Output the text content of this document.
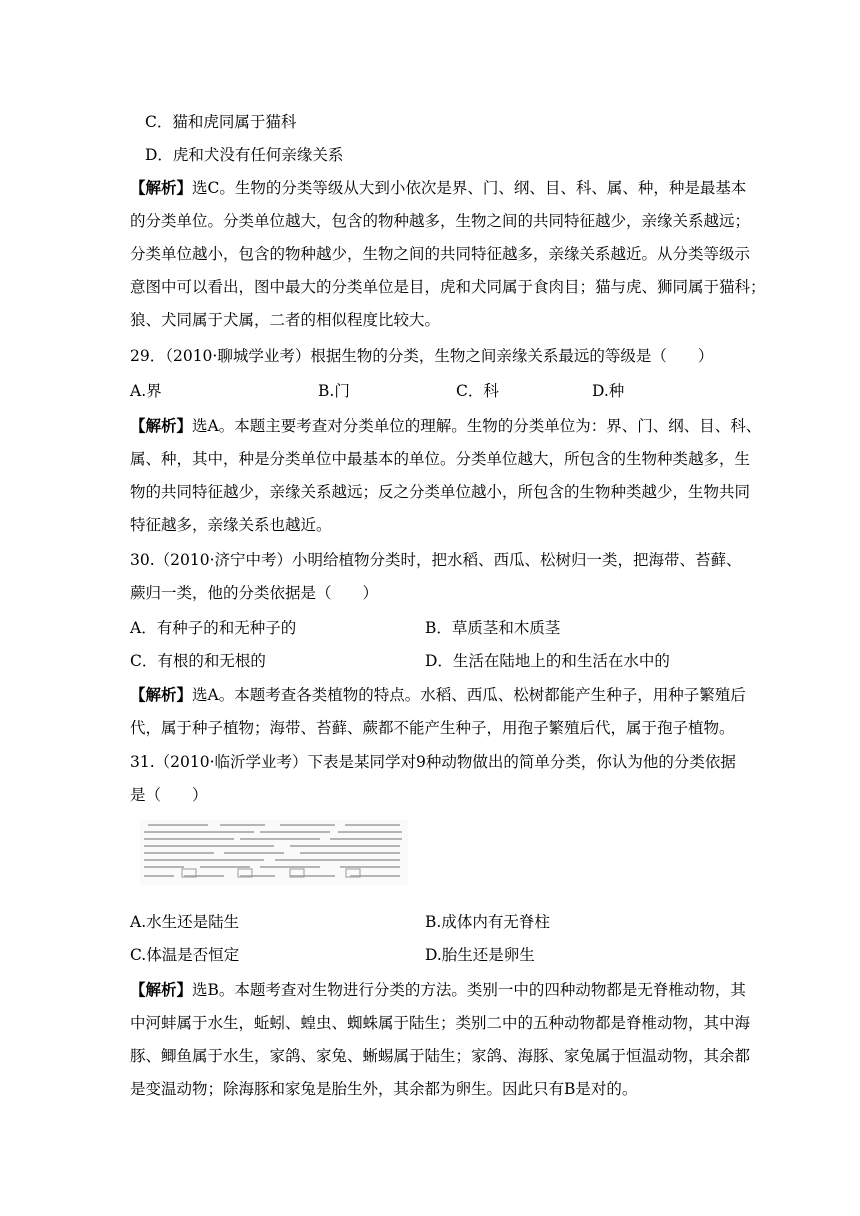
C．猫和虎同属于猫科
D．虎和犬没有任何亲缘关系
【解析】选C。生物的分类等级从大到小依次是界、门、纲、目、科、属、种，种是最基本
的分类单位。分类单位越大，包含的物种越多，生物之间的共同特征越少，亲缘关系越远；
分类单位越小，包含的物种越少，生物之间的共同特征越多，亲缘关系越近。从分类等级示
意图中可以看出，图中最大的分类单位是目，虎和犬同属于食肉目；猫与虎、狮同属于猫科；
狼、犬同属于犬属，二者的相似程度比较大。
29．（2010·聊城学业考）根据生物的分类，生物之间亲缘关系最远的等级是（　　）
A.界	B.门	C．科	D.种
【解析】选A。本题主要考查对分类单位的理解。生物的分类单位为：界、门、纲、目、科、
属、种，其中，种是分类单位中最基本的单位。分类单位越大，所包含的生物种类越多，生
物的共同特征越少，亲缘关系越远；反之分类单位越小，所包含的生物种类越少，生物共同
特征越多，亲缘关系也越近。
30.（2010·济宁中考）小明给植物分类时，把水稻、西瓜、松树归一类，把海带、苔藓、
蕨归一类，他的分类依据是（　　）
A．有种子的和无种子的	B．草质茎和木质茎
C．有根的和无根的	D．生活在陆地上的和生活在水中的
【解析】选A。本题考查各类植物的特点。水稻、西瓜、松树都能产生种子，用种子繁殖后
代，属于种子植物；海带、苔藓、蕨都不能产生种子，用孢子繁殖后代，属于孢子植物。
31.（2010·临沂学业考）下表是某同学对9种动物做出的简单分类，你认为他的分类依据
是（　　）
A.水生还是陆生	B.成体内有无脊柱
C.体温是否恒定	D.胎生还是卵生
【解析】选B。本题考查对生物进行分类的方法。类别一中的四种动物都是无脊椎动物，其
中河蚌属于水生，蚯蚓、蝗虫、蜘蛛属于陆生；类别二中的五种动物都是脊椎动物，其中海
豚、鲫鱼属于水生，家鸽、家兔、蜥蜴属于陆生；家鸽、海豚、家兔属于恒温动物，其余都
是变温动物；除海豚和家兔是胎生外，其余都为卵生。因此只有B是对的。
